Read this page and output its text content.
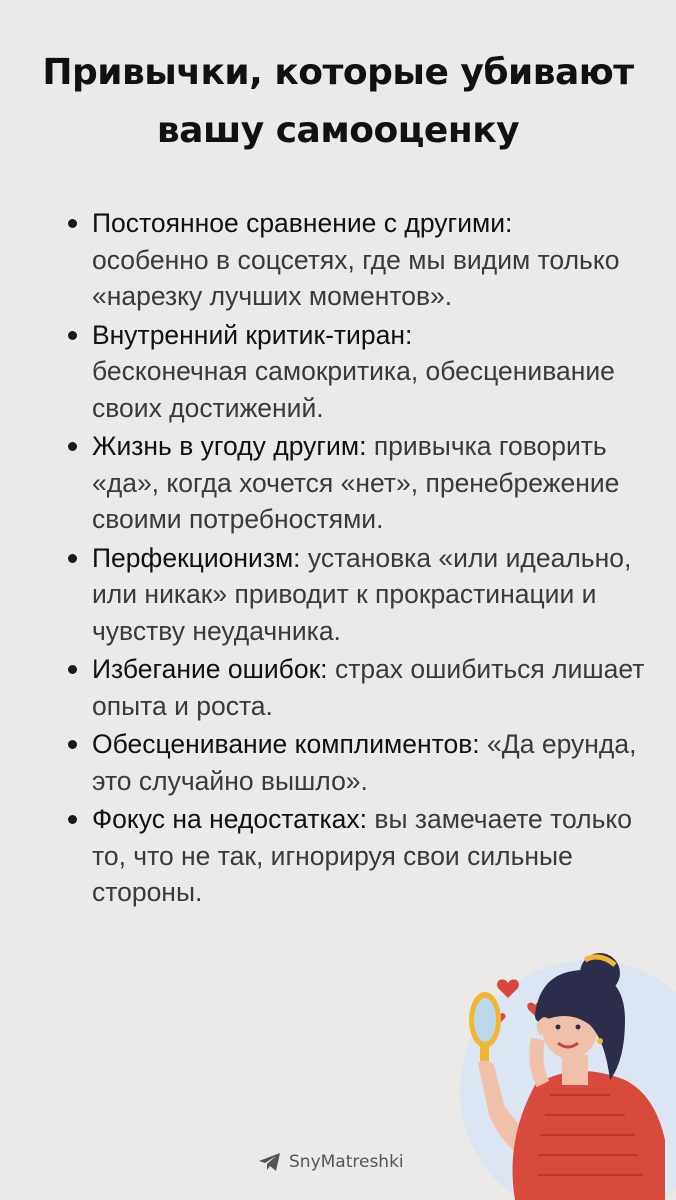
Привычки, которые убивают
вашу самооценку
Постоянное сравнение с другими:
особенно в соцсетях, где мы видим только «нарезку лучших моментов».
Внутренний критик-тиран:
бесконечная самокритика, обесценивание своих достижений.
Жизнь в угоду другим: привычка говорить «да», когда хочется «нет», пренебрежение своими потребностями.
Перфекционизм: установка «или идеально, или никак» приводит к прокрастинации и чувству неудачника.
Избегание ошибок: страх ошибиться лишает опыта и роста.
Обесценивание комплиментов: «Да ерунда, это случайно вышло».
Фокус на недостатках: вы замечаете только то, что не так, игнорируя свои сильные стороны.
SnyMatreshki
